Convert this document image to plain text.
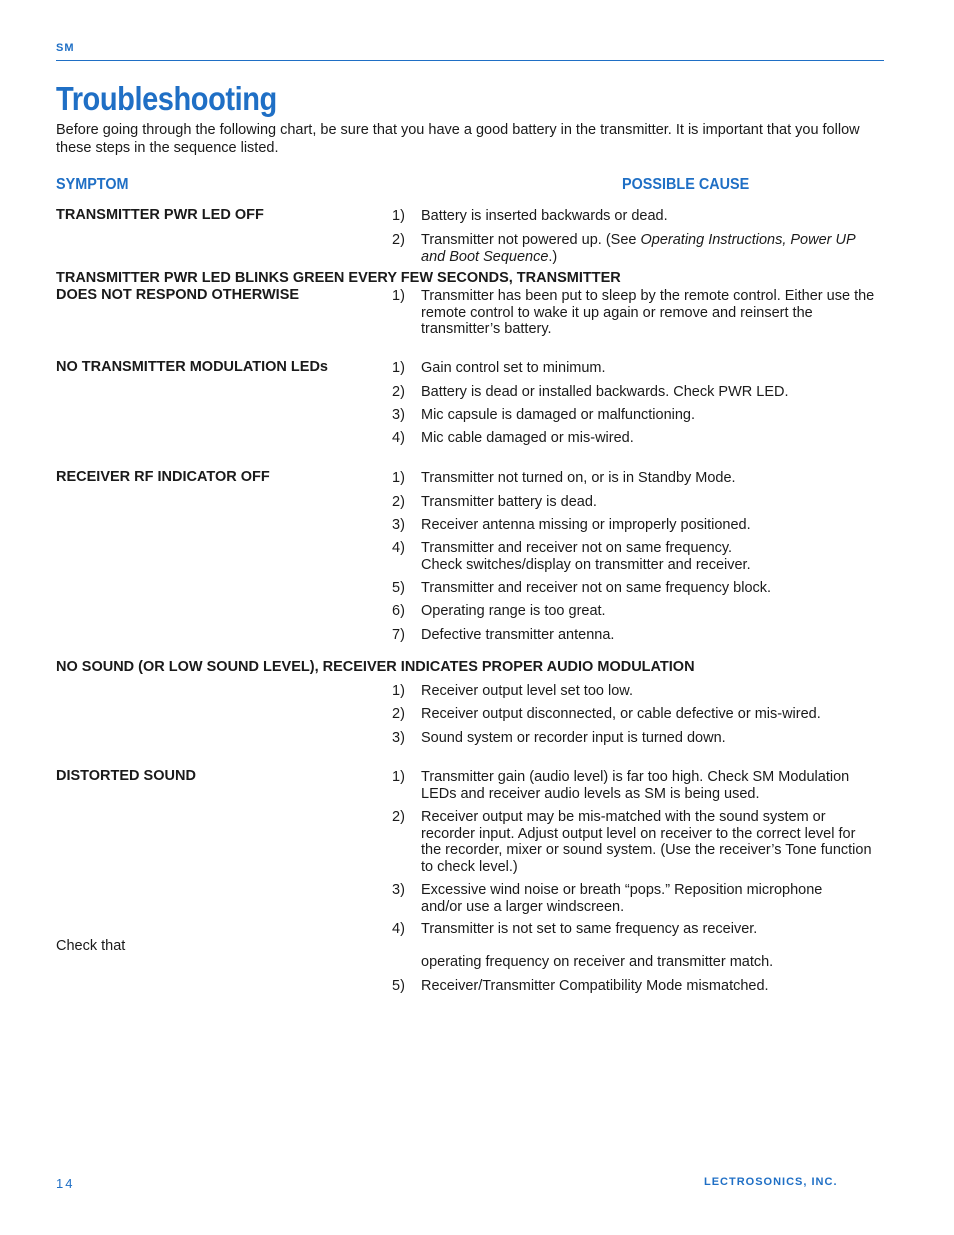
SM
Troubleshooting
Before going through the following chart, be sure that you have a good battery in the transmitter. It is important that you follow these steps in the sequence listed.
SYMPTOM	POSSIBLE CAUSE
TRANSMITTER PWR LED OFF	1) Battery is inserted backwards or dead.
2) Transmitter not powered up. (See Operating Instructions, Power UP and Boot Sequence.)
TRANSMITTER PWR LED BLINKS GREEN EVERY FEW SECONDS, TRANSMITTER
DOES NOT RESPOND OTHERWISE	1) Transmitter has been put to sleep by the remote control. Either use the remote control to wake it up again or remove and reinsert the transmitter’s battery.
NO TRANSMITTER MODULATION LEDs	1) Gain control set to minimum.
2) Battery is dead or installed backwards. Check PWR LED.
3) Mic capsule is damaged or malfunctioning.
4) Mic cable damaged or mis-wired.
RECEIVER RF INDICATOR OFF	1) Transmitter not turned on, or is in Standby Mode.
2) Transmitter battery is dead.
3) Receiver antenna missing or improperly positioned.
4) Transmitter and receiver not on same frequency. Check switches/display on transmitter and receiver.
5) Transmitter and receiver not on same frequency block.
6) Operating range is too great.
7) Defective transmitter antenna.
NO SOUND (OR LOW SOUND LEVEL), RECEIVER INDICATES PROPER AUDIO MODULATION
1) Receiver output level set too low.
2) Receiver output disconnected, or cable defective or mis-wired.
3) Sound system or recorder input is turned down.
DISTORTED SOUND	1) Transmitter gain (audio level) is far too high. Check SM Modulation LEDs and receiver audio levels as SM is being used.
2) Receiver output may be mis-matched with the sound system or recorder input. Adjust output level on receiver to the correct level for the recorder, mixer or sound system. (Use the receiver’s Tone function to check level.)
3) Excessive wind noise or breath “pops.” Reposition microphone and/or use a larger windscreen.
4) Transmitter is not set to same frequency as receiver.
Check that
operating frequency on receiver and transmitter match.
5) Receiver/Transmitter Compatibility Mode mismatched.
14	LECTROSONICS, INC.
